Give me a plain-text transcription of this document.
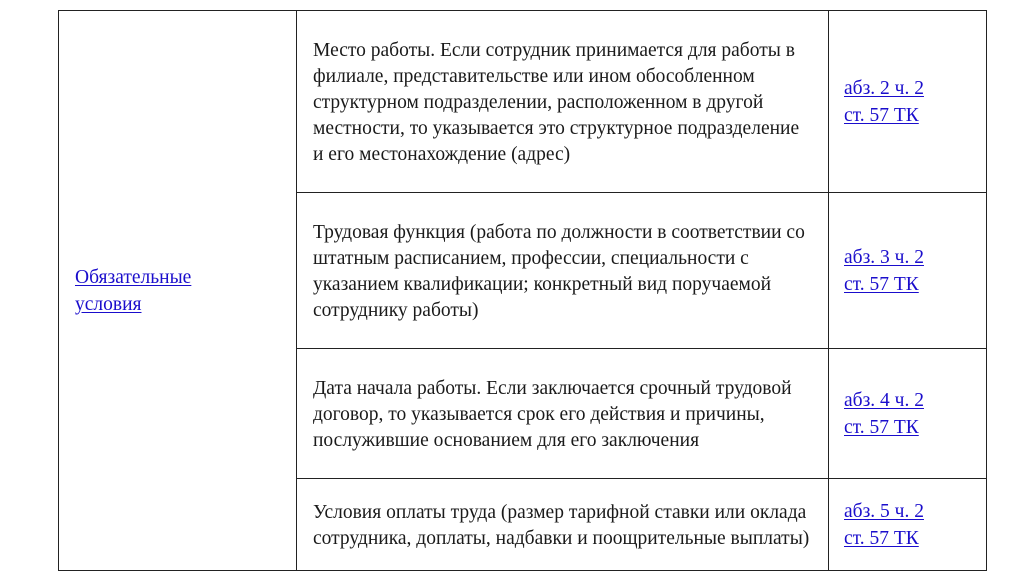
Обязательные
условия	Место работы. Если сотрудник принимается для работы в филиале, представительстве или ином обособленном структурном подразделении, расположенном в другой местности, то указывается это структурное подразделение и его местонахождение (адрес)	абз. 2 ч. 2
ст. 57 ТК

	Трудовая функция (работа по должности в соответствии со штатным расписанием, профессии, специальности с указанием квалификации; конкретный вид поручаемой сотруднику работы)	абз. 3 ч. 2
ст. 57 ТК

	Дата начала работы. Если заключается срочный трудовой договор, то указывается срок его действия и причины, послужившие основанием для его заключения	абз. 4 ч. 2
ст. 57 ТК

	Условия оплаты труда (размер тарифной ставки или оклада сотрудника, доплаты, надбавки и поощрительные выплаты)	абз. 5 ч. 2
ст. 57 ТК
